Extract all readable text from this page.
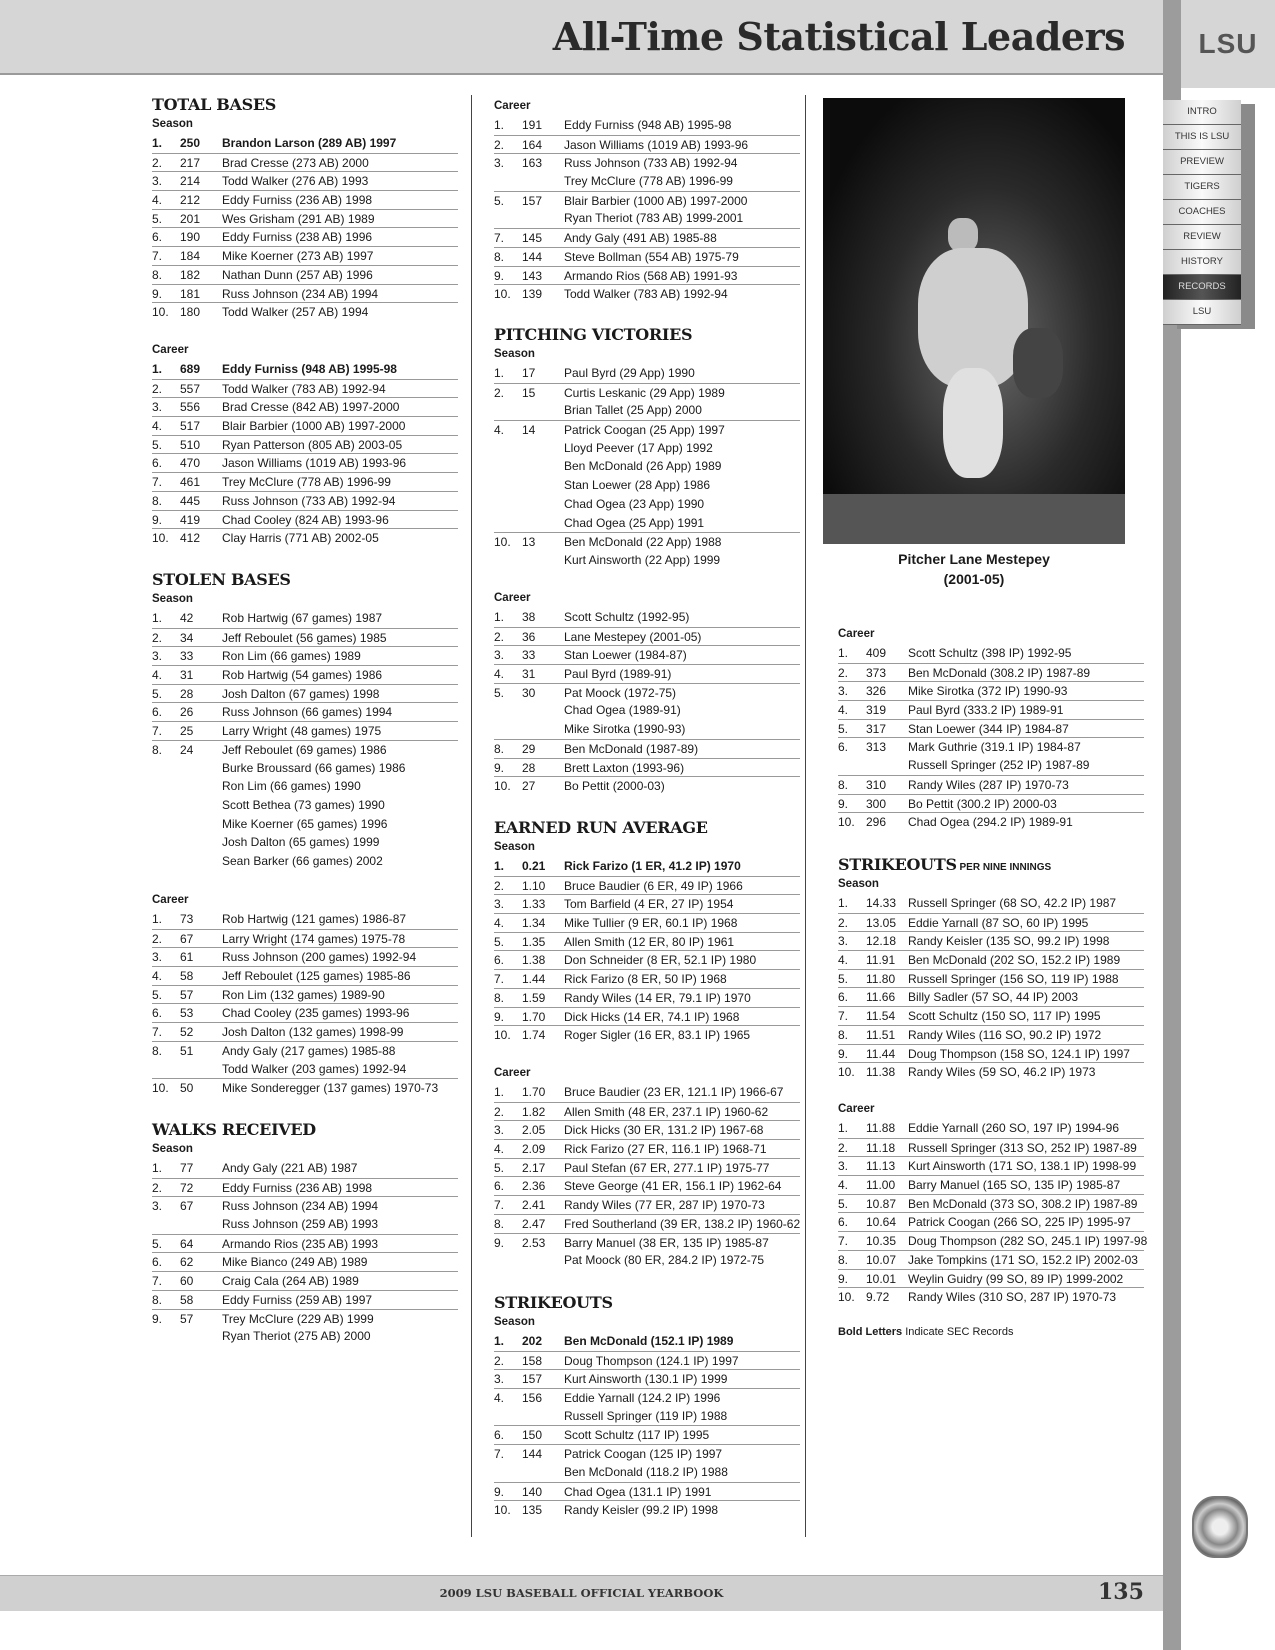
All-Time Statistical Leaders	LSU
INTRO
THIS IS LSU
PREVIEW
TIGERS
COACHES
REVIEW
HISTORY
RECORDS
LSU
TOTAL BASES
Season
1.	250 Brandon Larson (289 AB) 1997
2.	217 Brad Cresse (273 AB) 2000
3.	214 Todd Walker (276 AB) 1993
4.	212 Eddy Furniss (236 AB) 1998
5.	201 Wes Grisham (291 AB) 1989
6.	190 Eddy Furniss (238 AB) 1996
7.	184 Mike Koerner (273 AB) 1997
8.	182 Nathan Dunn (257 AB) 1996
9.	181 Russ Johnson (234 AB) 1994
10. 180 Todd Walker (257 AB) 1994
Career
1.	689 Eddy Furniss (948 AB) 1995-98
2.	557 Todd Walker (783 AB) 1992-94
3.	556 Brad Cresse (842 AB) 1997-2000
4.	517 Blair Barbier (1000 AB) 1997-2000
5.	510 Ryan Patterson (805 AB) 2003-05
6.	470 Jason Williams (1019 AB) 1993-96
7.	461 Trey McClure (778 AB) 1996-99
8.	445 Russ Johnson (733 AB) 1992-94
9.	419 Chad Cooley (824 AB) 1993-96
10. 412 Clay Harris (771 AB) 2002-05
STOLEN BASES
Season
1.	42 Rob Hartwig (67 games) 1987
2.	34 Jeff Reboulet (56 games) 1985
3.	33 Ron Lim (66 games) 1989
4.	31 Rob Hartwig (54 games) 1986
5.	28 Josh Dalton (67 games) 1998
6.	26 Russ Johnson (66 games) 1994
7.	25 Larry Wright (48 games) 1975
8.	24 Jeff Reboulet (69 games) 1986
Burke Broussard (66 games) 1986
Ron Lim (66 games) 1990
Scott Bethea (73 games) 1990
Mike Koerner (65 games) 1996
Josh Dalton (65 games) 1999
Sean Barker (66 games) 2002
Career
1.	73 Rob Hartwig (121 games) 1986-87
2.	67 Larry Wright (174 games) 1975-78
3.	61 Russ Johnson (200 games) 1992-94
4.	58 Jeff Reboulet (125 games) 1985-86
5.	57 Ron Lim (132 games) 1989-90
6.	53 Chad Cooley (235 games) 1993-96
7.	52 Josh Dalton (132 games) 1998-99
8.	51 Andy Galy (217 games) 1985-88
Todd Walker (203 games) 1992-94
10. 50 Mike Sonderegger (137 games) 1970-73
WALKS RECEIVED
Season
1.	77 Andy Galy (221 AB) 1987
2.	72 Eddy Furniss (236 AB) 1998
3.	67 Russ Johnson (234 AB) 1994
Russ Johnson (259 AB) 1993
5.	64 Armando Rios (235 AB) 1993
6.	62 Mike Bianco (249 AB) 1989
7.	60 Craig Cala (264 AB) 1989
8.	58 Eddy Furniss (259 AB) 1997
9.	57 Trey McClure (229 AB) 1999
Ryan Theriot (275 AB) 2000
Career
1.	191 Eddy Furniss (948 AB) 1995-98
2.	164 Jason Williams (1019 AB) 1993-96
3.	163 Russ Johnson (733 AB) 1992-94
Trey McClure (778 AB) 1996-99
5.	157 Blair Barbier (1000 AB) 1997-2000
Ryan Theriot (783 AB) 1999-2001
7.	145 Andy Galy (491 AB) 1985-88
8.	144 Steve Bollman (554 AB) 1975-79
9.	143 Armando Rios (568 AB) 1991-93
10. 139 Todd Walker (783 AB) 1992-94
PITCHING VICTORIES
Season
1.	17 Paul Byrd (29 App) 1990
2.	15 Curtis Leskanic (29 App) 1989
Brian Tallet (25 App) 2000
4.	14 Patrick Coogan (25 App) 1997
Lloyd Peever (17 App) 1992
Ben McDonald (26 App) 1989
Stan Loewer (28 App) 1986
Chad Ogea (23 App) 1990
Chad Ogea (25 App) 1991
10. 13 Ben McDonald (22 App) 1988
Kurt Ainsworth (22 App) 1999
Career
1.	38 Scott Schultz (1992-95)
2.	36 Lane Mestepey (2001-05)
3.	33 Stan Loewer (1984-87)
4.	31 Paul Byrd (1989-91)
5.	30 Pat Moock (1972-75)
Chad Ogea (1989-91)
Mike Sirotka (1990-93)
8.	29 Ben McDonald (1987-89)
9.	28 Brett Laxton (1993-96)
10. 27 Bo Pettit (2000-03)
EARNED RUN AVERAGE
Season
1.	0.21 Rick Farizo (1 ER, 41.2 IP) 1970
2.	1.10 Bruce Baudier (6 ER, 49 IP) 1966
3.	1.33 Tom Barfield (4 ER, 27 IP) 1954
4.	1.34 Mike Tullier (9 ER, 60.1 IP) 1968
5.	1.35 Allen Smith (12 ER, 80 IP) 1961
6.	1.38 Don Schneider (8 ER, 52.1 IP) 1980
7.	1.44 Rick Farizo (8 ER, 50 IP) 1968
8.	1.59 Randy Wiles (14 ER, 79.1 IP) 1970
9.	1.70 Dick Hicks (14 ER, 74.1 IP) 1968
10. 1.74 Roger Sigler (16 ER, 83.1 IP) 1965
Career
1.	1.70 Bruce Baudier (23 ER, 121.1 IP) 1966-67
2.	1.82 Allen Smith (48 ER, 237.1 IP) 1960-62
3.	2.05 Dick Hicks (30 ER, 131.2 IP) 1967-68
4.	2.09 Rick Farizo (27 ER, 116.1 IP) 1968-71
5.	2.17 Paul Stefan (67 ER, 277.1 IP) 1975-77
6.	2.36 Steve George (41 ER, 156.1 IP) 1962-64
7.	2.41 Randy Wiles (77 ER, 287 IP) 1970-73
8.	2.47 Fred Southerland (39 ER, 138.2 IP) 1960-62
9.	2.53 Barry Manuel (38 ER, 135 IP) 1985-87
Pat Moock (80 ER, 284.2 IP) 1972-75
STRIKEOUTS
Season
1.	202 Ben McDonald (152.1 IP) 1989
2.	158 Doug Thompson (124.1 IP) 1997
3.	157 Kurt Ainsworth (130.1 IP) 1999
4.	156 Eddie Yarnall (124.2 IP) 1996
Russell Springer (119 IP) 1988
6.	150 Scott Schultz (117 IP) 1995
7.	144 Patrick Coogan (125 IP) 1997
Ben McDonald (118.2 IP) 1988
9.	140 Chad Ogea (131.1 IP) 1991
10. 135 Randy Keisler (99.2 IP) 1998
Career
1.	409 Scott Schultz (398 IP) 1992-95
2.	373 Ben McDonald (308.2 IP) 1987-89
3.	326 Mike Sirotka (372 IP) 1990-93
4.	319 Paul Byrd (333.2 IP) 1989-91
5.	317 Stan Loewer (344 IP) 1984-87
6.	313 Mark Guthrie (319.1 IP) 1984-87
Russell Springer (252 IP) 1987-89
8.	310 Randy Wiles (287 IP) 1970-73
9.	300 Bo Pettit (300.2 IP) 2000-03
10. 296 Chad Ogea (294.2 IP) 1989-91
STRIKEOUTS PER NINE INNINGS
Season
1.	14.33 Russell Springer (68 SO, 42.2 IP) 1987
2.	13.05 Eddie Yarnall (87 SO, 60 IP) 1995
3.	12.18 Randy Keisler (135 SO, 99.2 IP) 1998
4.	11.91 Ben McDonald (202 SO, 152.2 IP) 1989
5.	11.80 Russell Springer (156 SO, 119 IP) 1988
6.	11.66 Billy Sadler (57 SO, 44 IP) 2003
7.	11.54 Scott Schultz (150 SO, 117 IP) 1995
8.	11.51 Randy Wiles (116 SO, 90.2 IP) 1972
9.	11.44 Doug Thompson (158 SO, 124.1 IP) 1997
10. 11.38 Randy Wiles (59 SO, 46.2 IP) 1973
Career
1.	11.88 Eddie Yarnall (260 SO, 197 IP) 1994-96
2.	11.18 Russell Springer (313 SO, 252 IP) 1987-89
3.	11.13 Kurt Ainsworth (171 SO, 138.1 IP) 1998-99
4.	11.00 Barry Manuel (165 SO, 135 IP) 1985-87
5.	10.87 Ben McDonald (373 SO, 308.2 IP) 1987-89
6.	10.64 Patrick Coogan (266 SO, 225 IP) 1995-97
7.	10.35 Doug Thompson (282 SO, 245.1 IP) 1997-98
8.	10.07 Jake Tompkins (171 SO, 152.2 IP) 2002-03
9.	10.01 Weylin Guidry (99 SO, 89 IP) 1999-2002
10. 9.72 Randy Wiles (310 SO, 287 IP) 1970-73
Pitcher Lane Mestepey
(2001-05)
Bold Letters Indicate SEC Records
2009 LSU BASEBALL OFFICIAL YEARBOOK	135
